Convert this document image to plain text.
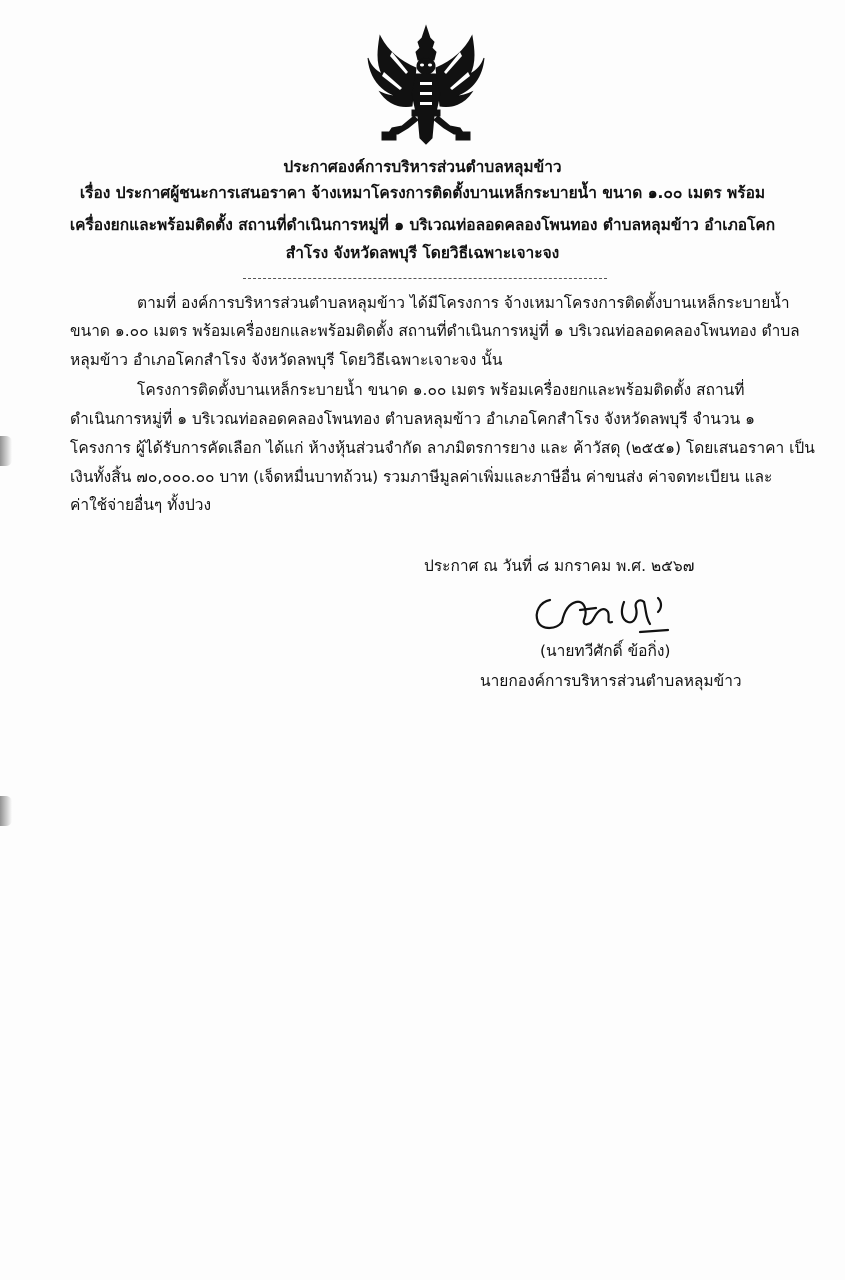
ประกาศองค์การบริหารส่วนตำบลหลุมข้าว
เรื่อง ประกาศผู้ชนะการเสนอราคา จ้างเหมาโครงการติดตั้งบานเหล็กระบายน้ำ ขนาด ๑.๐๐ เมตร พร้อม
เครื่องยกและพร้อมติดตั้ง สถานที่ดำเนินการหมู่ที่ ๑ บริเวณท่อลอดคลองโพนทอง ตำบลหลุมข้าว อำเภอโคก
สำโรง จังหวัดลพบุรี โดยวิธีเฉพาะเจาะจง
ตามที่ องค์การบริหารส่วนตำบลหลุมข้าว ได้มีโครงการ จ้างเหมาโครงการติดตั้งบานเหล็กระบายน้ำ
ขนาด ๑.๐๐ เมตร พร้อมเครื่องยกและพร้อมติดตั้ง สถานที่ดำเนินการหมู่ที่ ๑ บริเวณท่อลอดคลองโพนทอง ตำบล
หลุมข้าว อำเภอโคกสำโรง จังหวัดลพบุรี โดยวิธีเฉพาะเจาะจง นั้น
โครงการติดตั้งบานเหล็กระบายน้ำ ขนาด ๑.๐๐ เมตร พร้อมเครื่องยกและพร้อมติดตั้ง สถานที่
ดำเนินการหมู่ที่ ๑ บริเวณท่อลอดคลองโพนทอง ตำบลหลุมข้าว อำเภอโคกสำโรง จังหวัดลพบุรี จำนวน ๑
โครงการ ผู้ได้รับการคัดเลือก ได้แก่ ห้างหุ้นส่วนจำกัด ลาภมิตรการยาง และ ค้าวัสดุ (๒๕๕๑) โดยเสนอราคา เป็น
เงินทั้งสิ้น ๗๐,๐๐๐.๐๐ บาท (เจ็ดหมื่นบาทถ้วน) รวมภาษีมูลค่าเพิ่มและภาษีอื่น ค่าขนส่ง ค่าจดทะเบียน และ
ค่าใช้จ่ายอื่นๆ ทั้งปวง
ประกาศ ณ วันที่ ๘ มกราคม พ.ศ. ๒๕๖๗
(นายทวีศักดิ์ ข้อกิ่ง)
นายกองค์การบริหารส่วนตำบลหลุมข้าว
